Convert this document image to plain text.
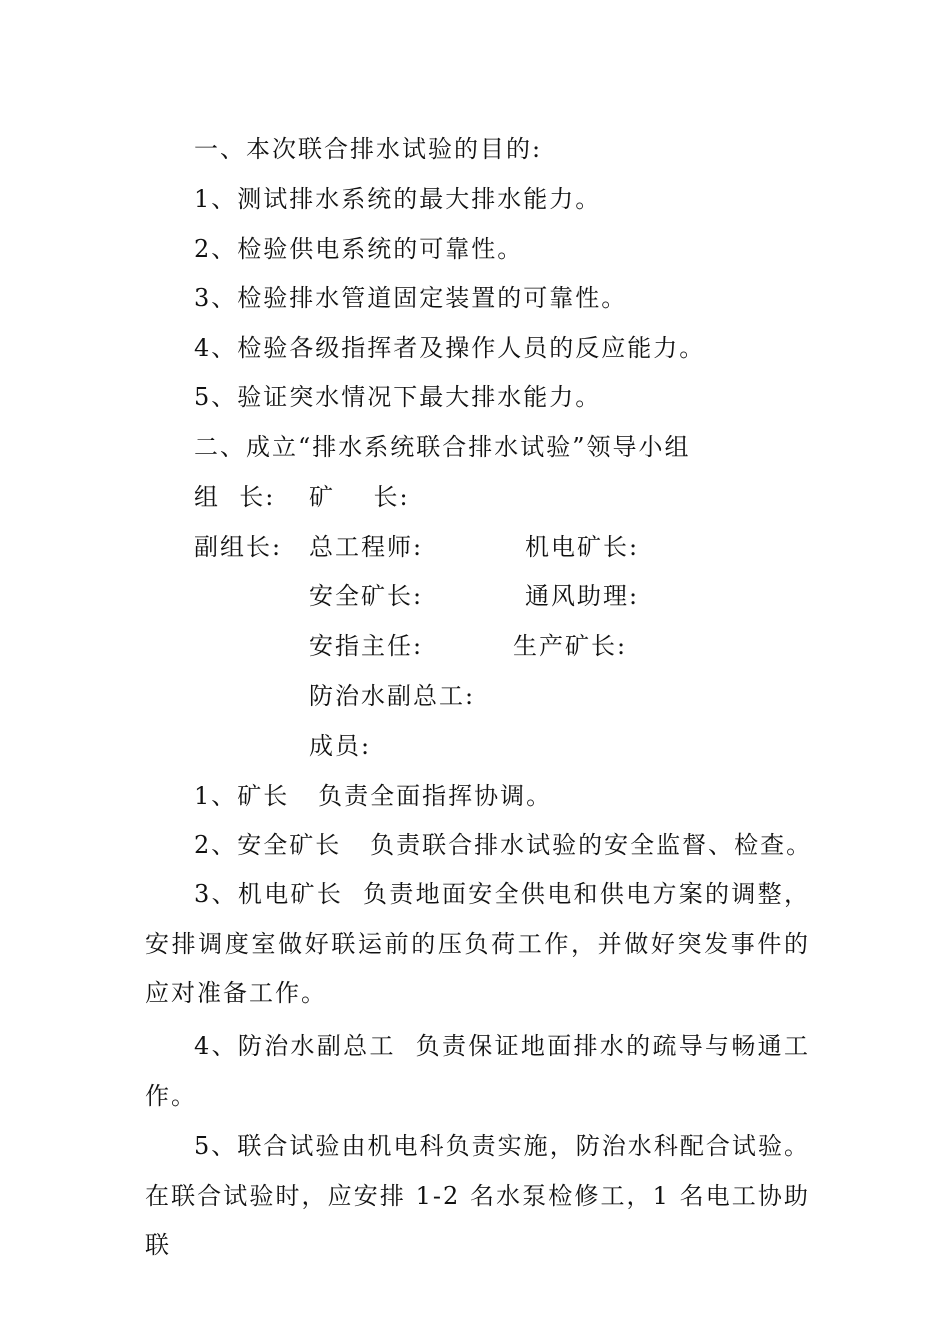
一、本次联合排水试验的目的:

1、测试排水系统的最大排水能力。

2、检验供电系统的可靠性。

3、检验排水管道固定装置的可靠性。

4、检验各级指挥者及操作人员的反应能力。

5、验证突水情况下最大排水能力。

二、成立“排水系统联合排水试验”领导小组

组  长: 矿    长:

副组长: 总工程师:	机电矿长:

安全矿长:	通风助理:

安指主任:	生产矿长:

防治水副总工:

成员:

1、矿长   负责全面指挥协调。

2、安全矿长   负责联合排水试验的安全监督、检查。

3、机电矿长  负责地面安全供电和供电方案的调整，安排调度室做好联运前的压负荷工作，并做好突发事件的应对准备工作。

4、防治水副总工  负责保证地面排水的疏导与畅通工作。

5、联合试验由机电科负责实施，防治水科配合试验。在联合试验时，应安排 1-2 名水泵检修工，1 名电工协助联
